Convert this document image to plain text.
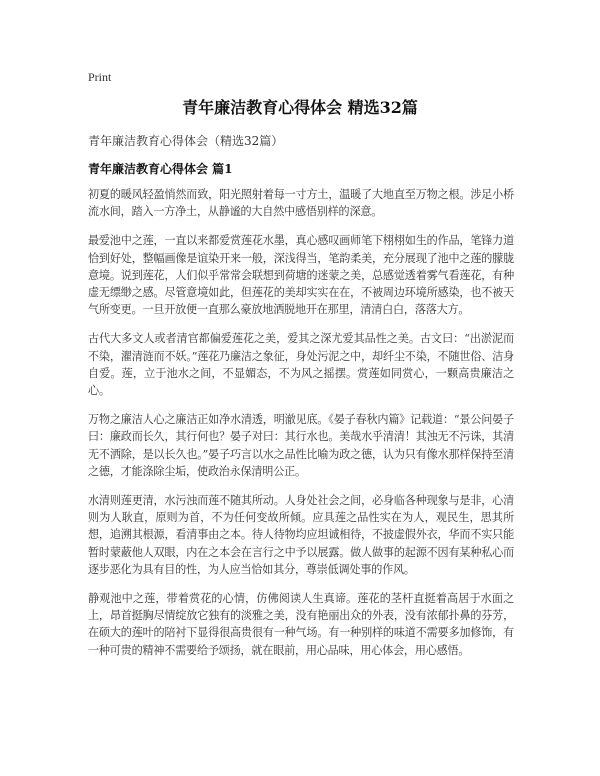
Print
青年廉洁教育心得体会 精选32篇
青年廉洁教育心得体会（精选32篇）
青年廉洁教育心得体会 篇1

初夏的暖风轻盈悄然而致，阳光照射着每一寸方土，温暖了大地直至万物之根。涉足小桥流水间，踏入一方净土，从静谧的大自然中感悟别样的深意。

最爱池中之莲，一直以来都爱赏莲花水墨，真心感叹画师笔下栩栩如生的作品，笔锋力道恰到好处，整幅画像是谊染开来一般，深浅得当，笔韵柔美，充分展现了池中之莲的朦胧意境。说到莲花，人们似乎常常会联想到荷塘的迷蒙之美，总感觉透着雾气看莲花，有种虚无缥缈之感。尽管意境如此，但莲花的美却实实在在，不被周边环境所感染，也不被天气所变更。一旦开放便一直那么豪放地洒脱地开在那里，清清白白，落落大方。

古代大多文人或者清官都偏爱莲花之美，爱其之深尤爱其品性之美。古文曰：“出淤泥而不染，濯清涟而不妖。”莲花乃廉洁之象征，身处污泥之中，却纤尘不染，不随世俗、洁身自爱。莲，立于池水之间，不显媚态，不为风之摇摆。赏莲如同赏心，一颗高贵廉洁之心。

万物之廉洁人心之廉洁正如净水清透，明澈见底。《晏子春秋内篇》记载道：“景公问晏子曰：廉政而长久，其行何也？晏子对曰：其行水也。美哉水乎清清！其浊无不污诛，其清无不洒除，是以长久也。”晏子巧言以水之品性比喻为政之德，认为只有像水那样保持至清之德，才能涤除尘垢，使政治永保清明公正。

水清则莲更清，水污浊而莲不随其所动。人身处社会之间，必身临各种现象与是非，心清则为人耿直，原则为首，不为任何变故所倾。应具莲之品性实在为人，观民生，思其所想，追溯其根源，看清事由之本。待人待物均应坦诚相待，不披虚假外衣，华而不实只能暂时蒙蔽他人双眼，内在之本会在言行之中予以展露。做人做事的起源不因有某种私心而逐步恶化为具有目的性，为人应当恰如其分，尊崇低调处事的作风。

静观池中之莲，带着赏花的心情，仿佛阅读人生真谛。莲花的茎杆直挺着高居于水面之上，昂首挺胸尽情绽放它独有的淡雅之美，没有艳丽出众的外表，没有浓郁扑鼻的芬芳，在硕大的莲叶的陪衬下显得很高贵很有一种气场。有一种别样的味道不需要多加修饰，有一种可贵的精神不需要给予颂扬，就在眼前，用心品味，用心体会，用心感悟。
